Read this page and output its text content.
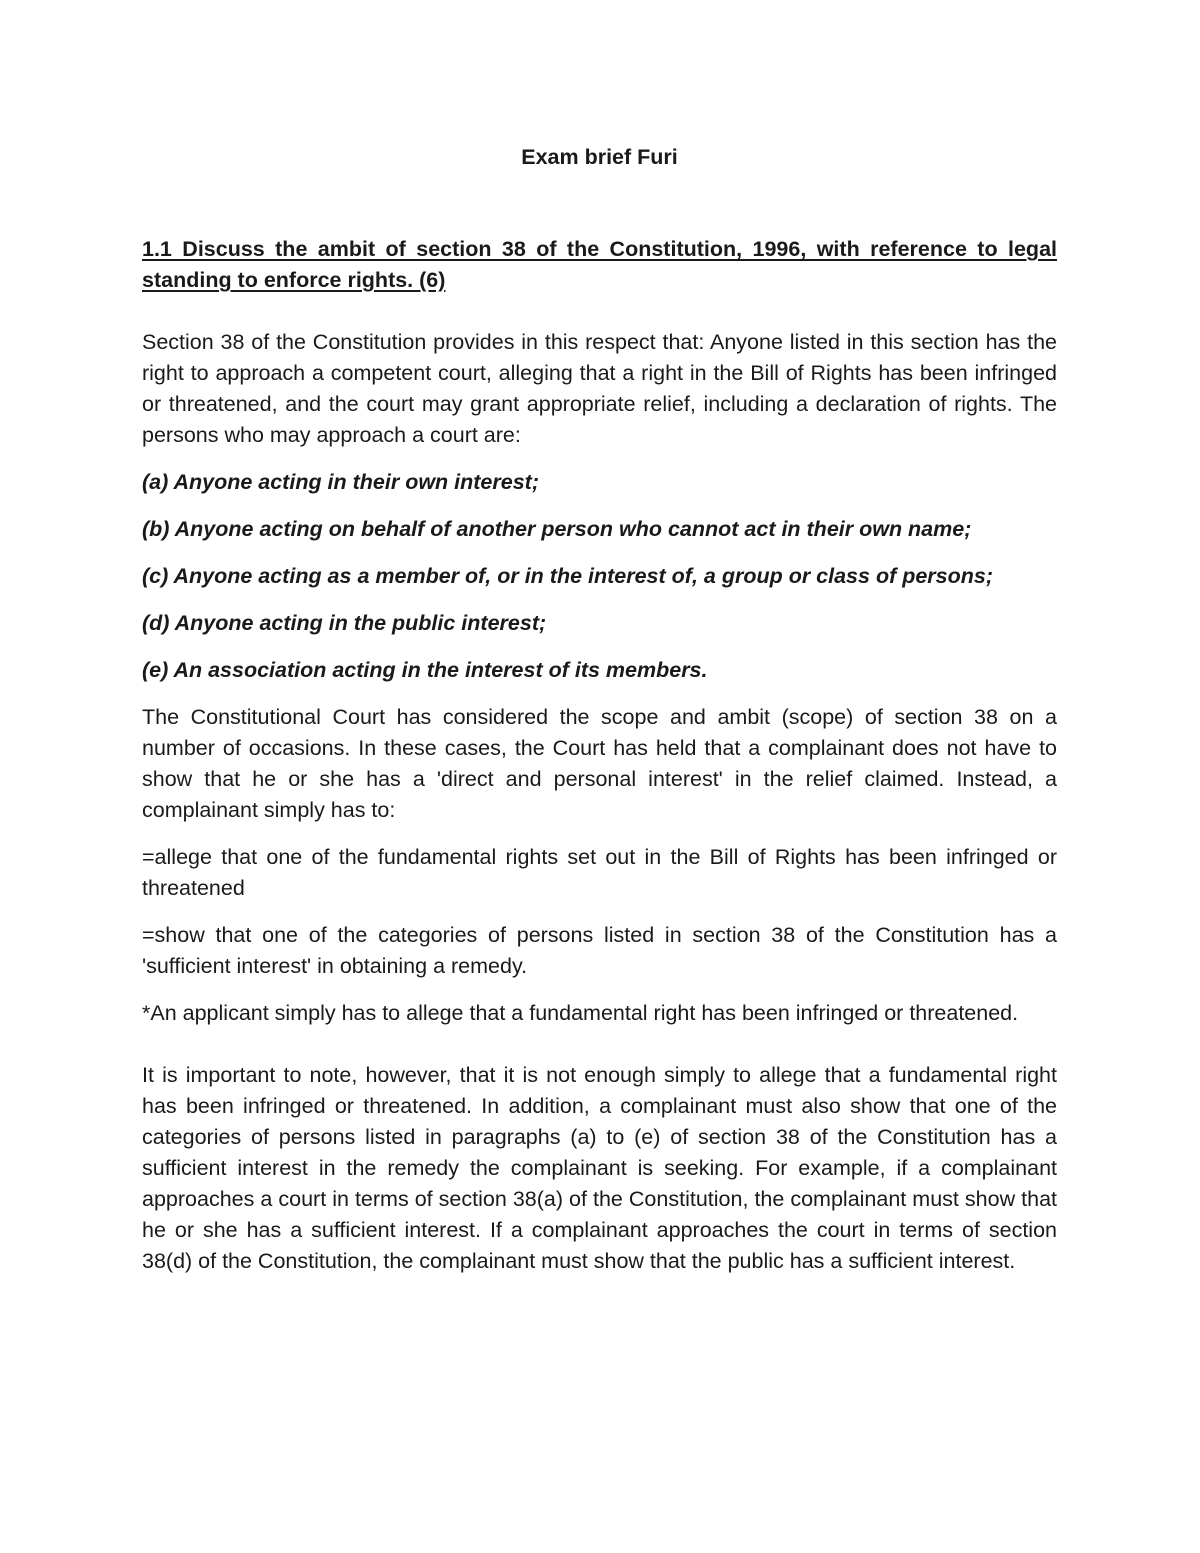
Exam brief Furi

1.1 Discuss the ambit of section 38 of the Constitution, 1996, with reference to legal standing to enforce rights. (6)

Section 38 of the Constitution provides in this respect that: Anyone listed in this section has the right to approach a competent court, alleging that a right in the Bill of Rights has been infringed or threatened, and the court may grant appropriate relief, including a declaration of rights. The persons who may approach a court are:

(a) Anyone acting in their own interest;

(b) Anyone acting on behalf of another person who cannot act in their own name;

(c) Anyone acting as a member of, or in the interest of, a group or class of persons;

(d) Anyone acting in the public interest;

(e) An association acting in the interest of its members.

The Constitutional Court has considered the scope and ambit (scope) of section 38 on a number of occasions. In these cases, the Court has held that a complainant does not have to show that he or she has a 'direct and personal interest' in the relief claimed. Instead, a complainant simply has to:

=allege that one of the fundamental rights set out in the Bill of Rights has been infringed or threatened

=show that one of the categories of persons listed in section 38 of the Constitution has a 'sufficient interest' in obtaining a remedy.

*An applicant simply has to allege that a fundamental right has been infringed or threatened.

It is important to note, however, that it is not enough simply to allege that a fundamental right has been infringed or threatened. In addition, a complainant must also show that one of the categories of persons listed in paragraphs (a) to (e) of section 38 of the Constitution has a sufficient interest in the remedy the complainant is seeking. For example, if a complainant approaches a court in terms of section 38(a) of the Constitution, the complainant must show that he or she has a sufficient interest. If a complainant approaches the court in terms of section 38(d) of the Constitution, the complainant must show that the public has a sufficient interest.
